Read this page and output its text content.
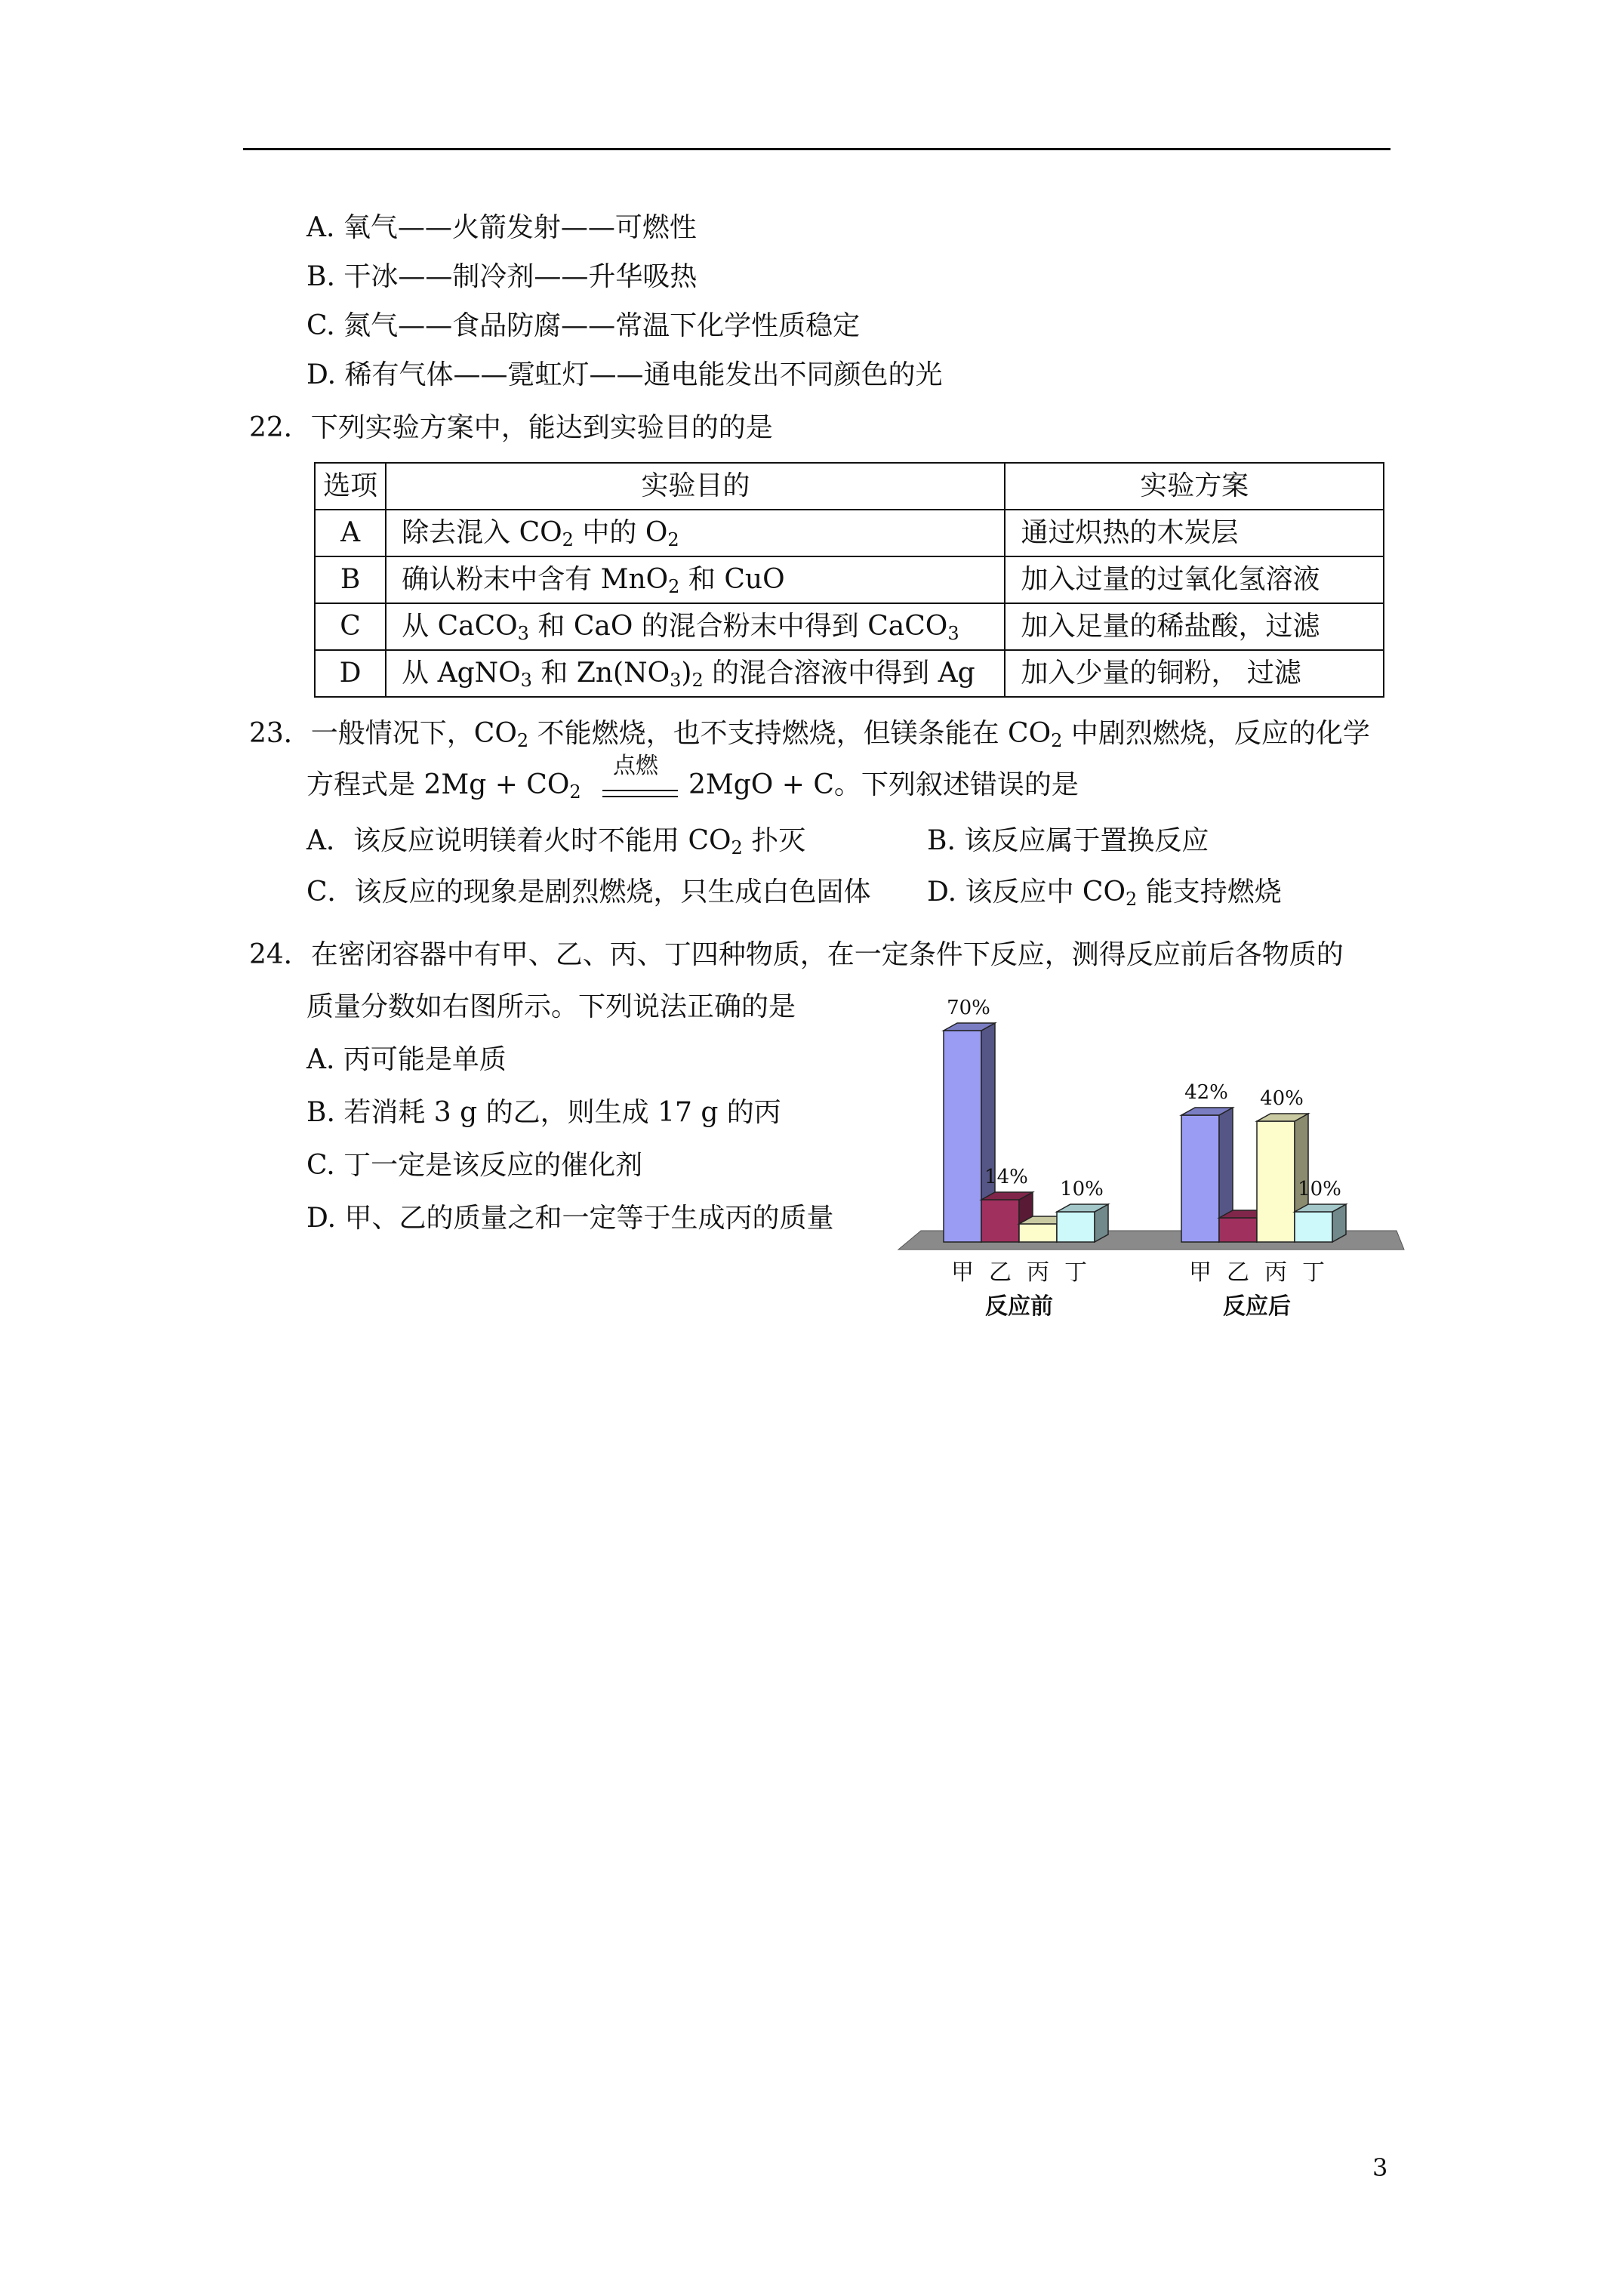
A. 氧气——火箭发射——可燃性
B. 干冰——制冷剂——升华吸热
C. 氮气——食品防腐——常温下化学性质稳定
D. 稀有气体——霓虹灯——通电能发出不同颜色的光
22．下列实验方案中，能达到实验目的的是
选项	实验目的	实验方案
A	除去混入 $CO_2$ 中的 $O_2$	通过炽热的木炭层
B	确认粉末中含有 MnO$_2$ 和 CuO	加入过量的过氧化氢溶液
C	从 CaCO$_3$ 和 CaO 的混合粉末中得到 CaCO$_3$	加入足量的稀盐酸，过滤
D	从 AgNO$_3$ 和 $Zn(NO_3)_2$ 的混合溶液中得到 Ag	加入少量的铜粉， 过滤
23．一般情况下，$CO_2$ 不能燃烧，也不支持燃烧，但镁条能在 $CO_2$ 中剧烈燃烧，反应的化学
方程式是 $2Mg + CO_2$
点燃
2MgO + C。下列叙述错误的是
A．该反应说明镁着火时不能用 $CO_2$ 扑灭	B. 该反应属于置换反应
C．该反应的现象是剧烈燃烧，只生成白色固体 D. 该反应中 $CO_2$ 能支持燃烧
24．在密闭容器中有甲、乙、丙、丁四种物质，在一定条件下反应，测得反应前后各物质的
质量分数如右图所示。下列说法正确的是
A. 丙可能是单质
B. 若消耗 3 g 的乙，则生成 17 g 的丙
C. 丁一定是该反应的催化剂
D. 甲、乙的质量之和一定等于生成丙的质量
70%
甲
14%
乙 丙
10%
丁
反应前
42%
甲 乙
40%
丙
10%
丁
反应后
3
